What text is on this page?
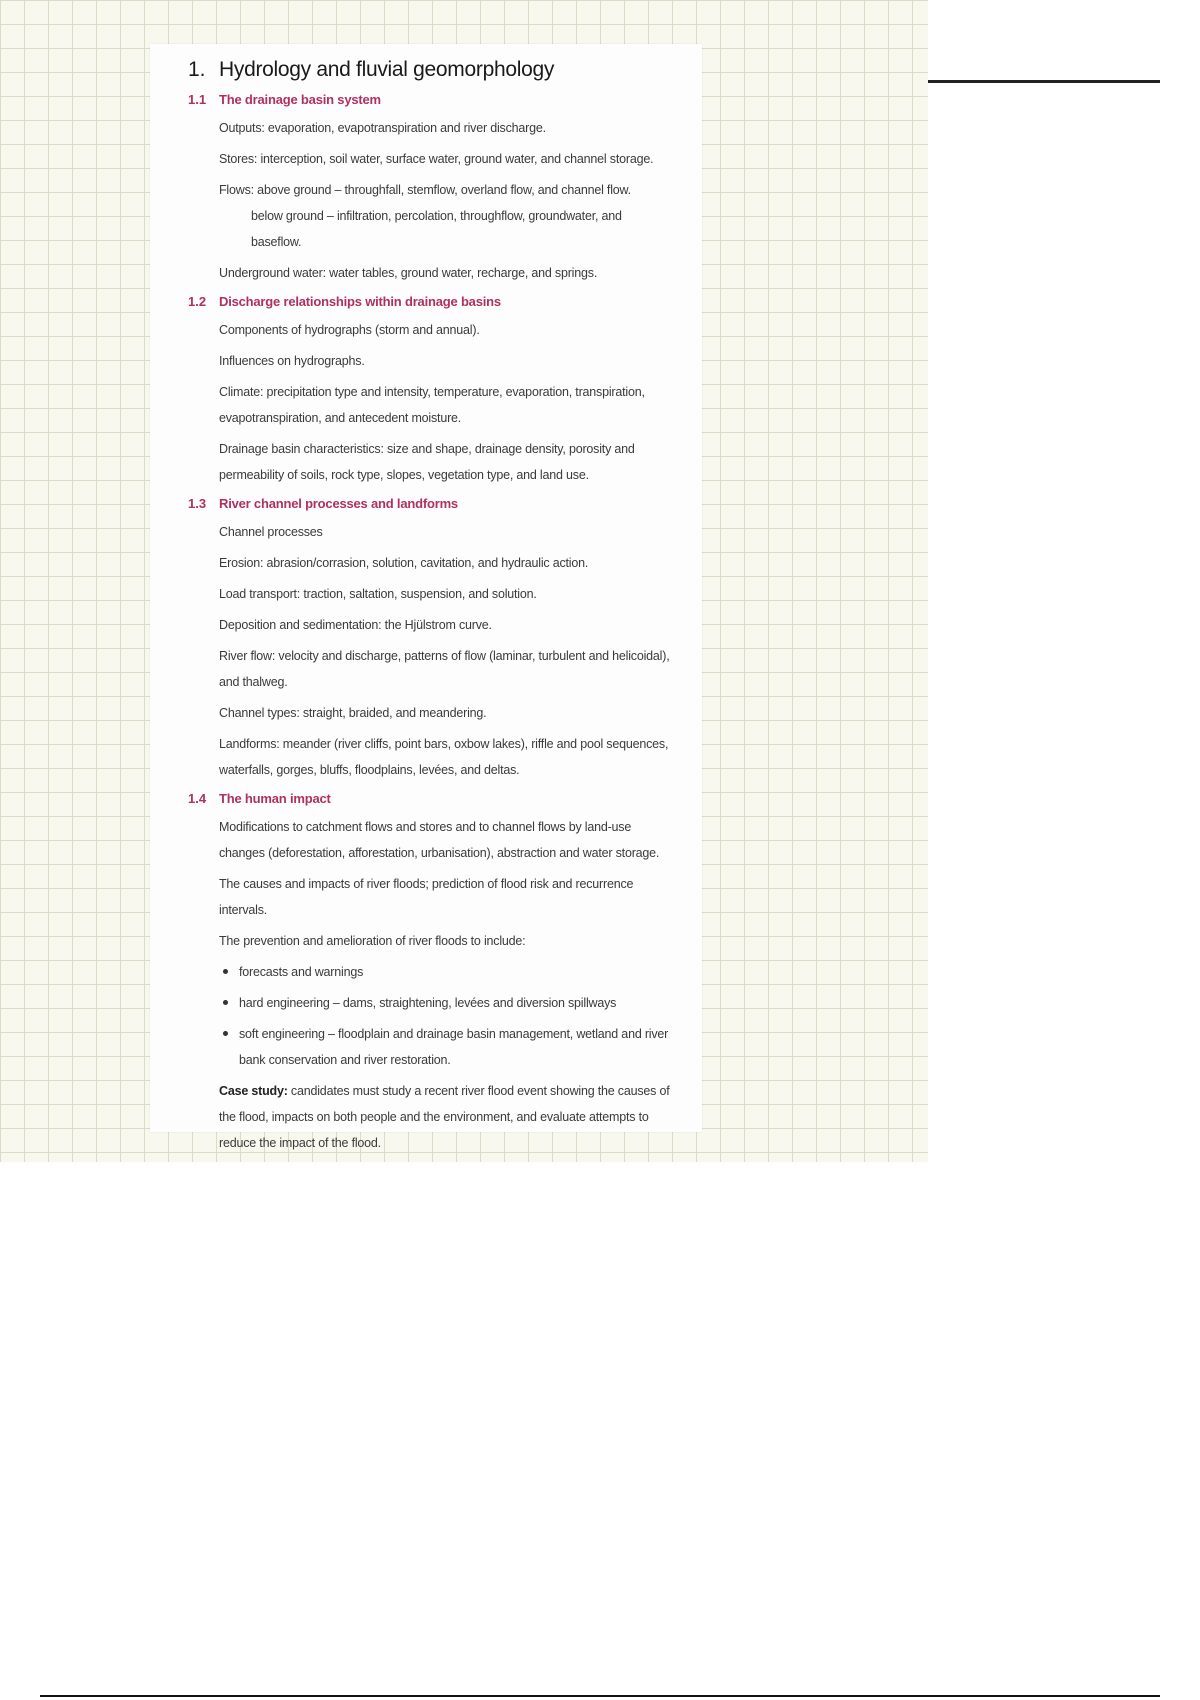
1. Hydrology and fluvial geomorphology
1.1 The drainage basin system
Outputs: evaporation, evapotranspiration and river discharge.
Stores: interception, soil water, surface water, ground water, and channel storage.
Flows: above ground – throughfall, stemflow, overland flow, and channel flow.
below ground – infiltration, percolation, throughflow, groundwater, and baseflow.
Underground water: water tables, ground water, recharge, and springs.
1.2 Discharge relationships within drainage basins
Components of hydrographs (storm and annual).
Influences on hydrographs.
Climate: precipitation type and intensity, temperature, evaporation, transpiration, evapotranspiration, and antecedent moisture.
Drainage basin characteristics: size and shape, drainage density, porosity and permeability of soils, rock type, slopes, vegetation type, and land use.
1.3 River channel processes and landforms
Channel processes
Erosion: abrasion/corrasion, solution, cavitation, and hydraulic action.
Load transport: traction, saltation, suspension, and solution.
Deposition and sedimentation: the Hjülstrom curve.
River flow: velocity and discharge, patterns of flow (laminar, turbulent and helicoidal), and thalweg.
Channel types: straight, braided, and meandering.
Landforms: meander (river cliffs, point bars, oxbow lakes), riffle and pool sequences, waterfalls, gorges, bluffs, floodplains, levées, and deltas.
1.4 The human impact
Modifications to catchment flows and stores and to channel flows by land-use changes (deforestation, afforestation, urbanisation), abstraction and water storage.
The causes and impacts of river floods; prediction of flood risk and recurrence intervals.
The prevention and amelioration of river floods to include:
forecasts and warnings
hard engineering – dams, straightening, levées and diversion spillways
soft engineering – floodplain and drainage basin management, wetland and river bank conservation and river restoration.
Case study: candidates must study a recent river flood event showing the causes of the flood, impacts on both people and the environment, and evaluate attempts to reduce the impact of the flood.
